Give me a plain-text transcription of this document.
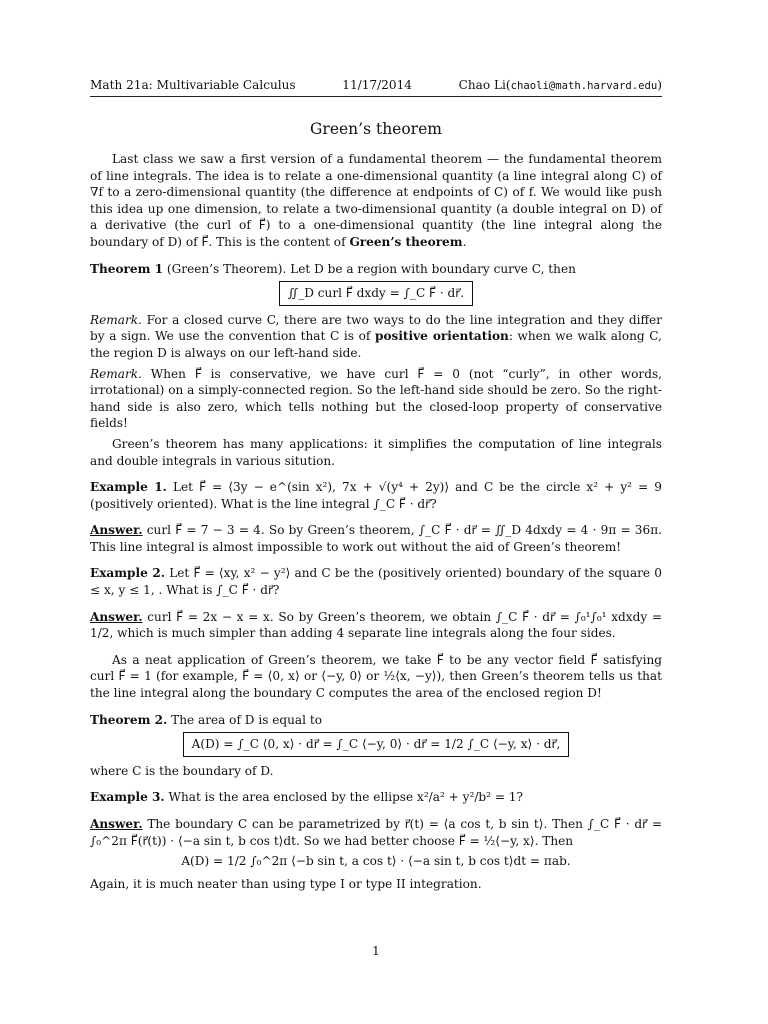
Math 21a: Multivariable Calculus	11/17/2014	Chao Li(chaoli@math.harvard.edu)
Green’s theorem

Last class we saw a first version of a fundamental theorem — the fundamental theorem of line integrals. The idea is to relate a one-dimensional quantity (a line integral along C) of ∇f to a zero-dimensional quantity (the difference at endpoints of C) of f. We would like push this idea up one dimension, to relate a two-dimensional quantity (a double integral on D) of a derivative (the curl of F⃗) to a one-dimensional quantity (the line integral along the boundary of D) of F⃗. This is the content of Green’s theorem.

Theorem 1 (Green’s Theorem). Let D be a region with boundary curve C, then

∬_D curl F⃗ dxdy = ∫_C F⃗ · dr⃗.

Remark. For a closed curve C, there are two ways to do the line integration and they differ by a sign. We use the convention that C is of positive orientation: when we walk along C, the region D is always on our left-hand side.

Remark. When F⃗ is conservative, we have curl F⃗ = 0 (not “curly”, in other words, irrotational) on a simply-connected region. So the left-hand side should be zero. So the right-hand side is also zero, which tells nothing but the closed-loop property of conservative fields!

Green’s theorem has many applications: it simplifies the computation of line integrals and double integrals in various sitution.

Example 1. Let F⃗ = ⟨3y − e^(sin x²), 7x + √(y⁴ + 2y)⟩ and C be the circle x² + y² = 9 (positively oriented). What is the line integral ∫_C F⃗ · dr⃗?

Answer. curl F⃗ = 7 − 3 = 4. So by Green’s theorem, ∫_C F⃗ · dr⃗ = ∬_D 4dxdy = 4 · 9π = 36π. This line integral is almost impossible to work out without the aid of Green’s theorem!

Example 2. Let F⃗ = ⟨xy, x² − y²⟩ and C be the (positively oriented) boundary of the square 0 ≤ x, y ≤ 1, . What is ∫_C F⃗ · dr⃗?

Answer. curl F⃗ = 2x − x = x. So by Green’s theorem, we obtain ∫_C F⃗ · dr⃗ = ∫₀¹∫₀¹ xdxdy = 1/2, which is much simpler than adding 4 separate line integrals along the four sides.

As a neat application of Green’s theorem, we take F⃗ to be any vector field F⃗ satisfying curl F⃗ = 1 (for example, F⃗ = ⟨0, x⟩ or ⟨−y, 0⟩ or ½⟨x, −y⟩), then Green’s theorem tells us that the line integral along the boundary C computes the area of the enclosed region D!

Theorem 2. The area of D is equal to

A(D) = ∫_C ⟨0, x⟩ · dr⃗ = ∫_C ⟨−y, 0⟩ · dr⃗ = 1/2 ∫_C ⟨−y, x⟩ · dr⃗,

where C is the boundary of D.

Example 3. What is the area enclosed by the ellipse x²/a² + y²/b² = 1?

Answer. The boundary C can be parametrized by r⃗(t) = ⟨a cos t, b sin t⟩. Then ∫_C F⃗ · dr⃗ = ∫₀^2π F⃗(r⃗(t)) · ⟨−a sin t, b cos t⟩dt. So we had better choose F⃗ = ½⟨−y, x⟩. Then

A(D) = 1/2 ∫₀^2π ⟨−b sin t, a cos t⟩ · ⟨−a sin t, b cos t⟩dt = πab.

Again, it is much neater than using type I or type II integration.

1
